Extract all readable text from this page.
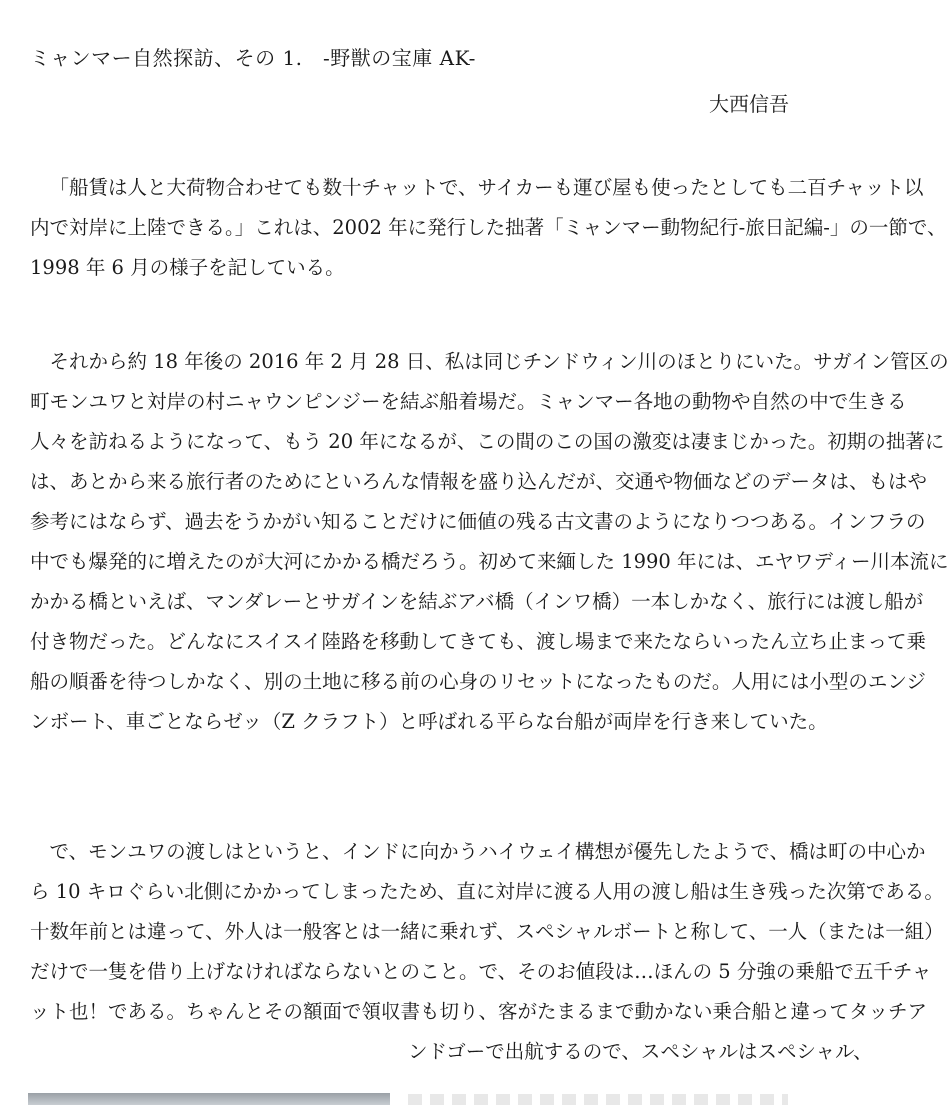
ミャンマー自然探訪、その 1.　-野獣の宝庫 AK-
大西信吾
「船賃は人と大荷物合わせても数十チャットで、サイカーも運び屋も使ったとしても二百チャット以
内で対岸に上陸できる。」これは、2002 年に発行した拙著「ミャンマー動物紀行-旅日記編-」の一節で、
1998 年 6 月の様子を記している。
それから約 18 年後の 2016 年 2 月 28 日、私は同じチンドウィン川のほとりにいた。サガイン管区の
町モンユワと対岸の村ニャウンピンジーを結ぶ船着場だ。ミャンマー各地の動物や自然の中で生きる
人々を訪ねるようになって、もう 20 年になるが、この間のこの国の激変は凄まじかった。初期の拙著に
は、あとから来る旅行者のためにといろんな情報を盛り込んだが、交通や物価などのデータは、もはや
参考にはならず、過去をうかがい知ることだけに価値の残る古文書のようになりつつある。インフラの
中でも爆発的に増えたのが大河にかかる橋だろう。初めて来緬した 1990 年には、エヤワディー川本流に
かかる橋といえば、マンダレーとサガインを結ぶアバ橋（インワ橋）一本しかなく、旅行には渡し船が
付き物だった。どんなにスイスイ陸路を移動してきても、渡し場まで来たならいったん立ち止まって乗
船の順番を待つしかなく、別の土地に移る前の心身のリセットになったものだ。人用には小型のエンジ
ンボート、車ごとならゼッ（Z クラフト）と呼ばれる平らな台船が両岸を行き来していた。
で、モンユワの渡しはというと、インドに向かうハイウェイ構想が優先したようで、橋は町の中心か
ら 10 キロぐらい北側にかかってしまったため、直に対岸に渡る人用の渡し船は生き残った次第である。
十数年前とは違って、外人は一般客とは一緒に乗れず、スペシャルボートと称して、一人（または一組）
だけで一隻を借り上げなければならないとのこと。で、そのお値段は…ほんの 5 分強の乗船で五千チャ
ット也！である。ちゃんとその額面で領収書も切り、客がたまるまで動かない乗合船と違ってタッチア
ンドゴーで出航するので、スペシャルはスペシャル、
